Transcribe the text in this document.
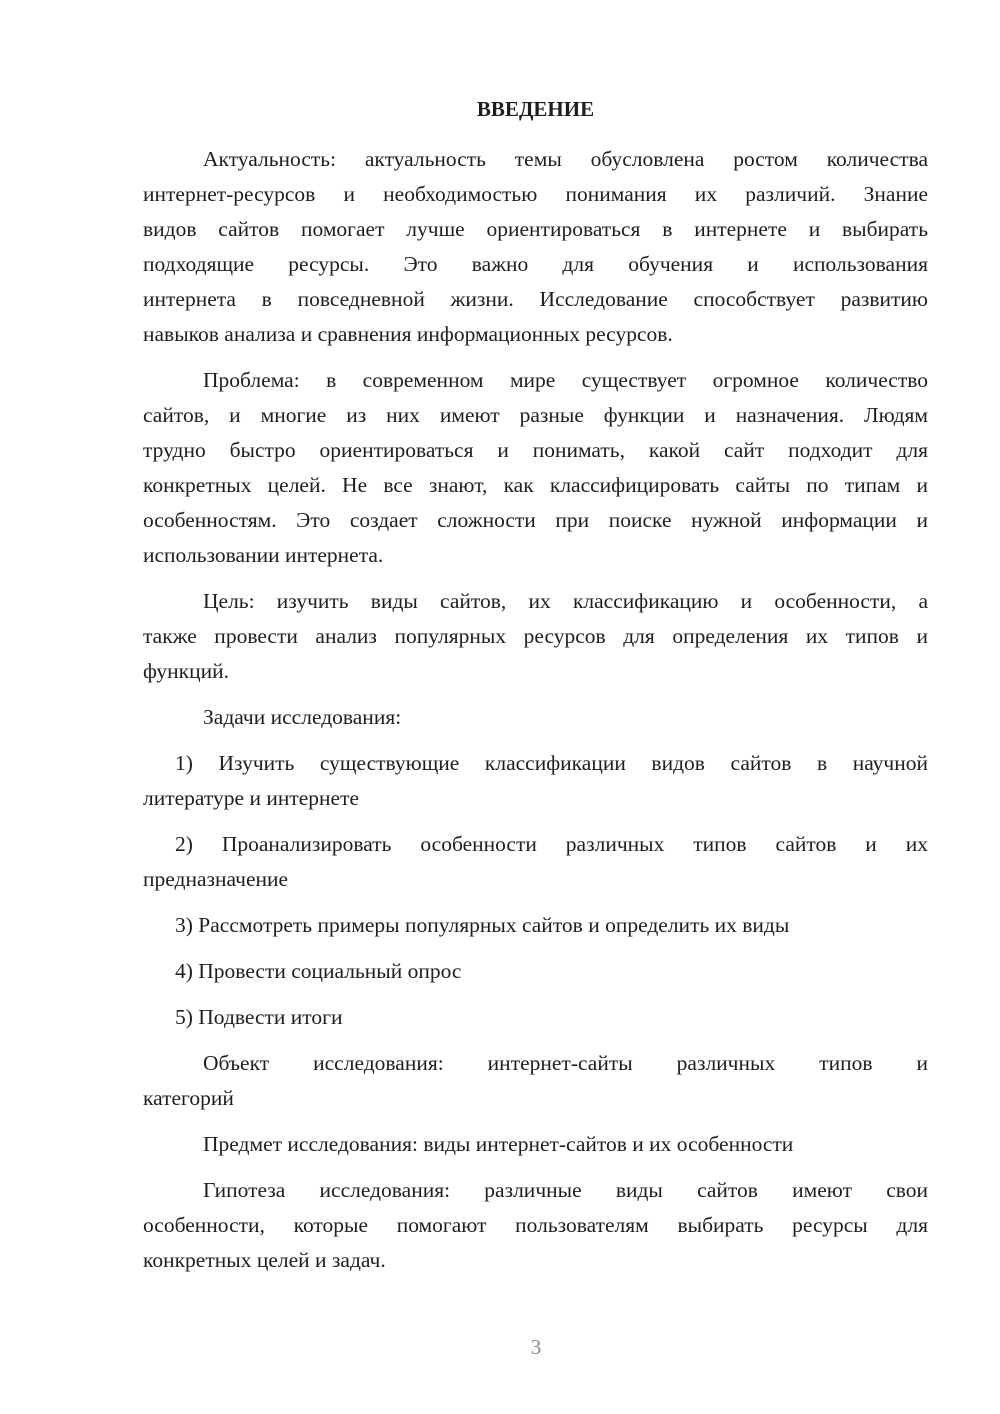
ВВЕДЕНИЕ
Актуальность: актуальность темы обусловлена ростом количества
интернет-ресурсов и необходимостью понимания их различий. Знание
видов сайтов помогает лучше ориентироваться в интернете и выбирать
подходящие ресурсы. Это важно для обучения и использования
интернета в повседневной жизни. Исследование способствует развитию
навыков анализа и сравнения информационных ресурсов.
Проблема: в современном мире существует огромное количество
сайтов, и многие из них имеют разные функции и назначения. Людям
трудно быстро ориентироваться и понимать, какой сайт подходит для
конкретных целей. Не все знают, как классифицировать сайты по типам и
особенностям. Это создает сложности при поиске нужной информации и
использовании интернета.
Цель: изучить виды сайтов, их классификацию и особенности, а
также провести анализ популярных ресурсов для определения их типов и
функций.
Задачи исследования:
1) Изучить существующие классификации видов сайтов в научной
литературе и интернете
2) Проанализировать особенности различных типов сайтов и их
предназначение
3) Рассмотреть примеры популярных сайтов и определить их виды
4) Провести социальный опрос
5) Подвести итоги
Объект исследования: интернет-сайты различных типов и
категорий
Предмет исследования: виды интернет-сайтов и их особенности
Гипотеза исследования: различные виды сайтов имеют свои
особенности, которые помогают пользователям выбирать ресурсы для
конкретных целей и задач.
3
